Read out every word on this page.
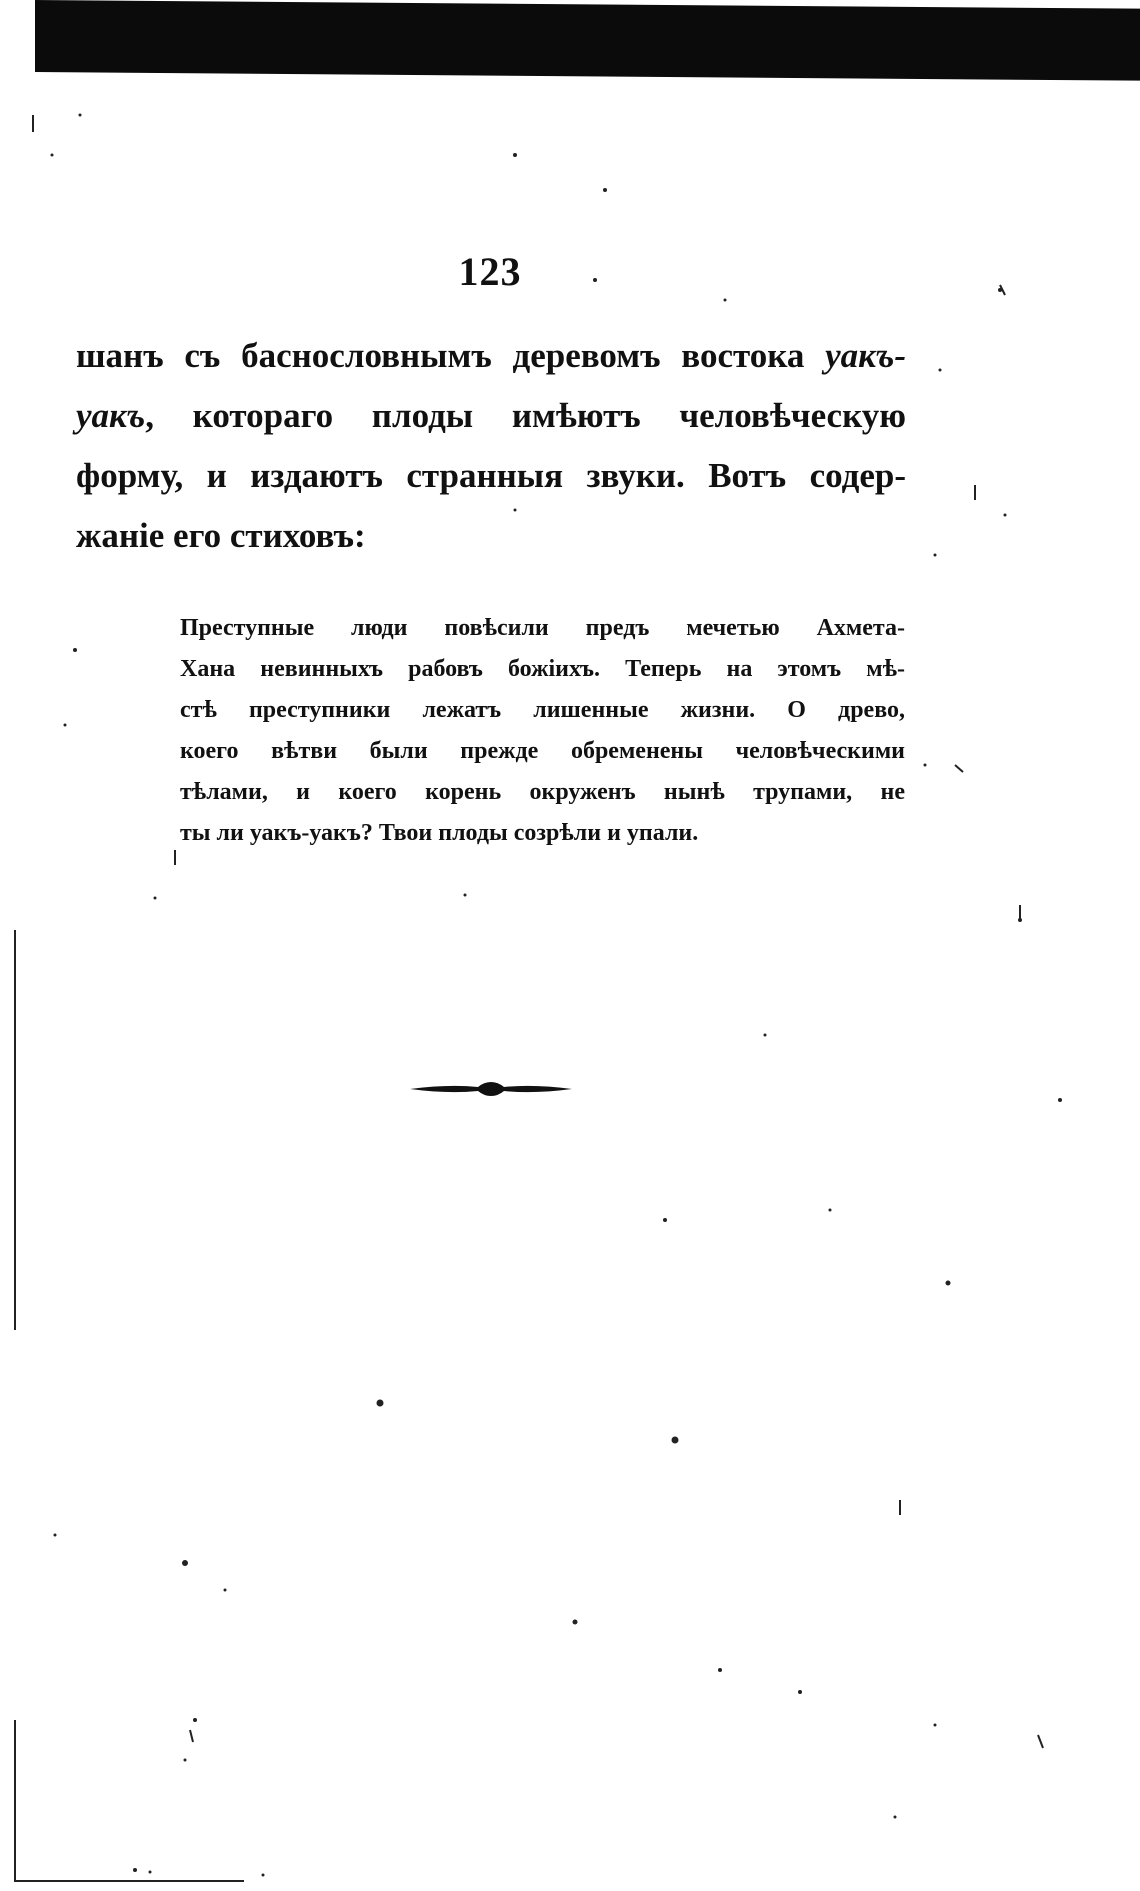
123
шанъ съ баснословнымъ деревомъ востока уакъ-
уакъ, котораго плоды имѣютъ человѣческую
форму, и издаютъ странныя звуки. Вотъ содер-
жанie его стиховъ:
Преступные люди повѣсили предъ мечетью Ахмета-
Хана невинныхъ рабовъ божiихъ. Теперь на этомъ мѣ-
стѣ преступники лежатъ лишенные жизни. О древо,
коего вѣтви были прежде обременены человѣческими
тѣлами, и коего корень окруженъ нынѣ трупами, не
ты ли уакъ-уакъ? Твои плоды созрѣли и упали.
